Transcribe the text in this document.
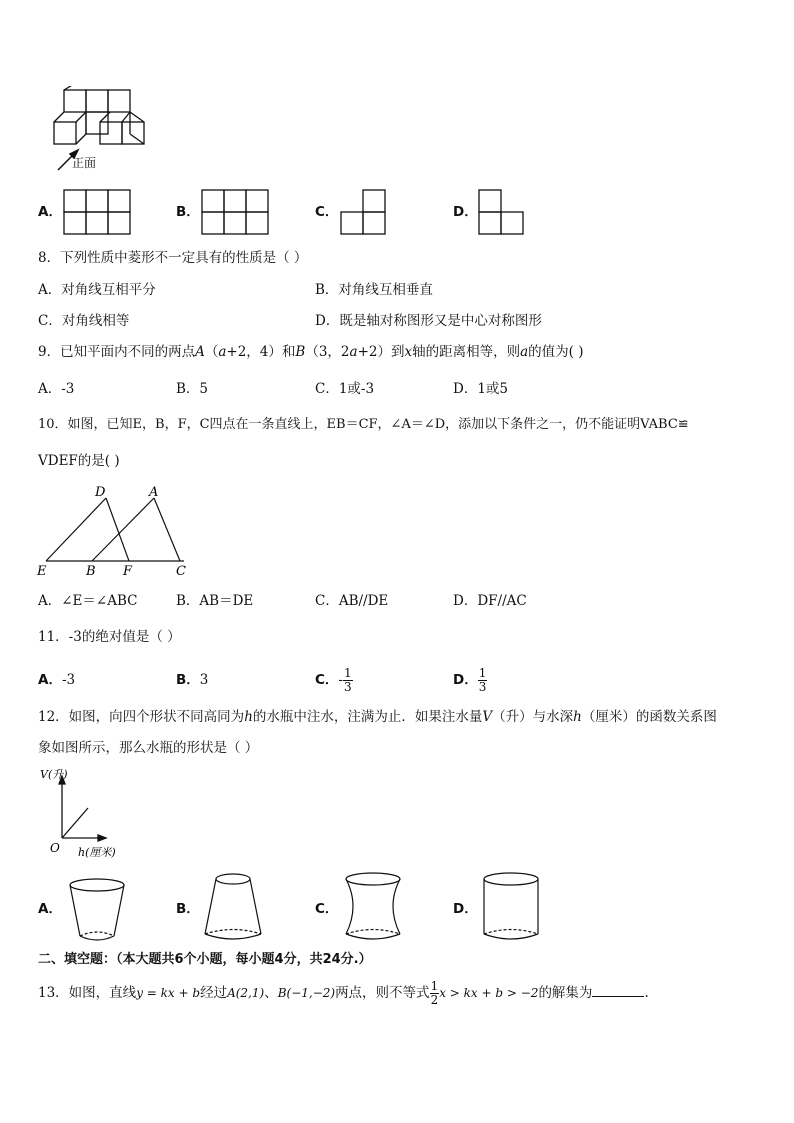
正面
A．	B．	C．	D．
8．下列性质中菱形不一定具有的性质是（ ）
A．对角线互相平分	B．对角线互相垂直
C．对角线相等	D．既是轴对称图形又是中心对称图形
9．已知平面内不同的两点A（a+2，4）和B（3，2a+2）到x轴的距离相等，则a的值为( )
A．-3	B．5	C．1或-3	D．1或5
10．如图，已知E，B，F，C四点在一条直线上，EB＝CF，∠A＝∠D，添加以下条件之一，仍不能证明VABC≌
VDEF的是( )
D	A
E	B F	C
A．∠E＝∠ABC	B．AB＝DE	C．AB//DE	D．DF//AC
11．-3的绝对值是（ ）
A．-3	B．3	C．- $\frac{1}{3}$	D． $\frac{1}{3}$
12．如图，向四个形状不同高同为h的水瓶中注水，注满为止．如果注水量V（升）与水深h（厘米）的函数关系图
象如图所示，那么水瓶的形状是（ ）
V(升)
O h(厘米)
A．	B．	C．	D．
二、填空题：（本大题共6个小题，每小题4分，共24分.）
13．如图，直线y = kx + b经过A(2,1)、B(−1,−2)两点，则不等式 $\frac{1}{2}$ x > kx + b > −2的解集为	.
